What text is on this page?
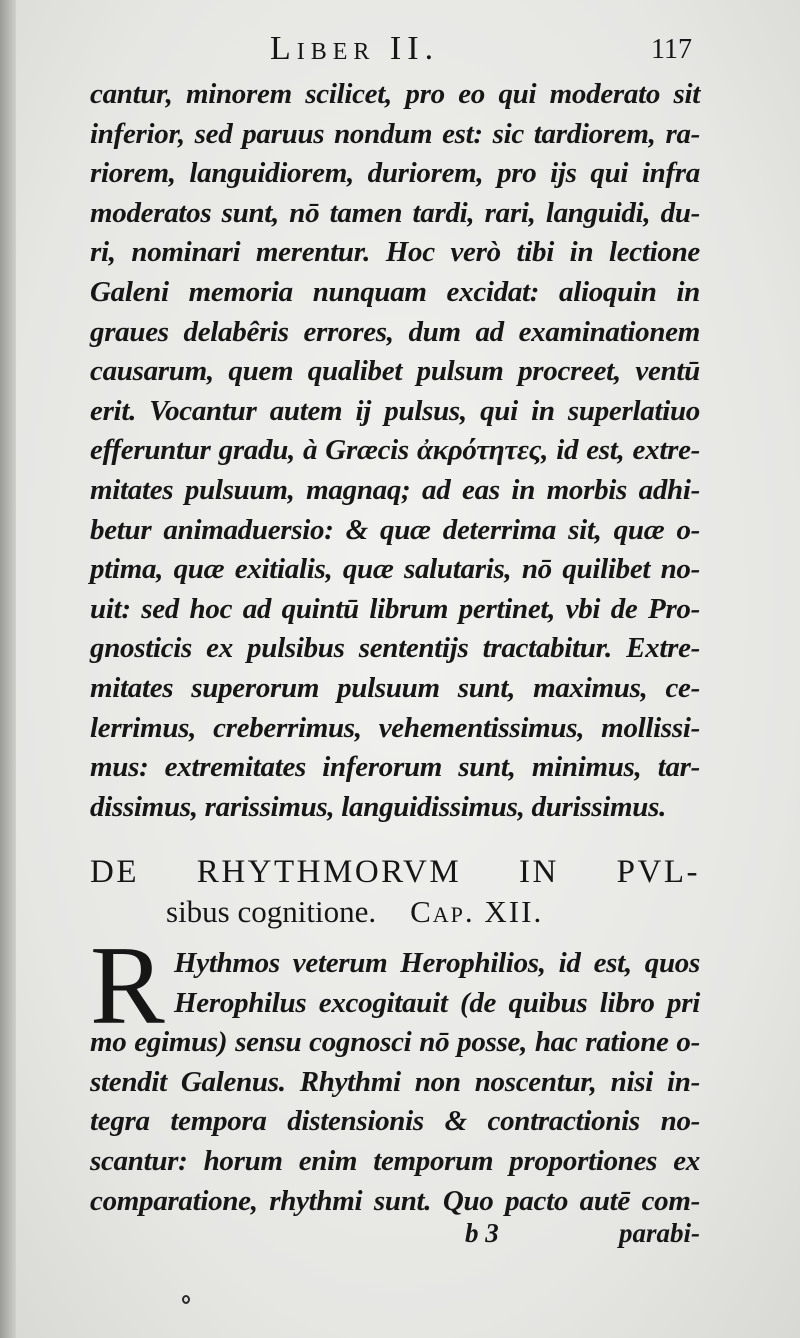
Liber II.	117
cantur, minorem scilicet, pro eo qui moderato sit
inferior, sed paruus nondum est: sic tardiorem, ra-
riorem, languidiorem, duriorem, pro ijs qui infra
moderatos sunt, nō tamen tardi, rari, languidi, du-
ri, nominari merentur. Hoc verò tibi in lectione
Galeni memoria nunquam excidat: alioquin in
graues delabêris errores, dum ad examinationem
causarum, quem qualibet pulsum procreet, ventū
erit. Vocantur autem ij pulsus, qui in superlatiuo
efferuntur gradu, à Græcis ἀκρότητες, id est, extre-
mitates pulsuum, magnaq; ad eas in morbis adhi-
betur animaduersio: & quæ deterrima sit, quæ o-
ptima, quæ exitialis, quæ salutaris, nō quilibet no-
uit: sed hoc ad quintū librum pertinet, vbi de Pro-
gnosticis ex pulsibus sententijs tractabitur. Extre-
mitates superorum pulsuum sunt, maximus, ce-
lerrimus, creberrimus, vehementissimus, mollissi-
mus: extremitates inferorum sunt, minimus, tar-
dissimus, rarissimus, languidissimus, durissimus.
DE RHYTHMORVM IN PVL-
sibus cognitione. Cap. XII.
R Hythmos veterum Herophilios, id est, quos
Herophilus excogitauit (de quibus libro pri
mo egimus) sensu cognosci nō posse, hac ratione o-
stendit Galenus. Rhythmi non noscentur, nisi in-
tegra tempora distensionis & contractionis no-
scantur: horum enim temporum proportiones ex
comparatione, rhythmi sunt. Quo pacto autē com-
b 3	parabi-
